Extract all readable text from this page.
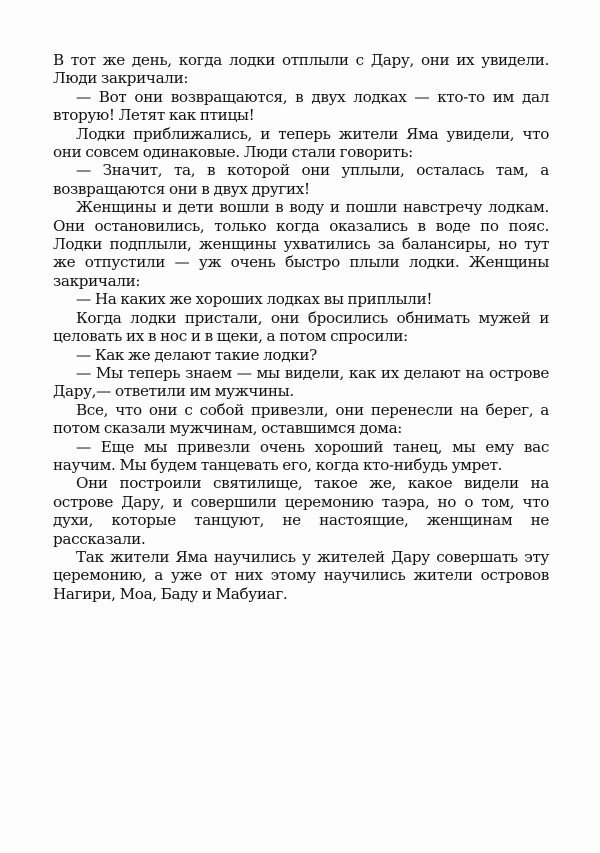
В тот же день, когда лодки отплыли с Дару, они их увидели. Люди закричали:

— Вот они возвращаются, в двух лодках — кто-то им дал вторую! Летят как птицы!

Лодки приближались, и теперь жители Яма увидели, что они совсем одинаковые. Люди стали говорить:

— Значит, та, в которой они уплыли, осталась там, а возвращаются они в двух других!

Женщины и дети вошли в воду и пошли навстречу лодкам. Они остановились, только когда оказались в воде по пояс. Лодки подплыли, женщины ухватились за балансиры, но тут же отпустили — уж очень быстро плыли лодки. Женщины закричали:

— На каких же хороших лодках вы приплыли!

Когда лодки пристали, они бросились обнимать мужей и целовать их в нос и в щеки, а потом спросили:

— Как же делают такие лодки?

— Мы теперь знаем — мы видели, как их делают на острове Дару,— ответили им мужчины.

Все, что они с собой привезли, они перенесли на берег, а потом сказали мужчинам, оставшимся дома:

— Еще мы привезли очень хороший танец, мы ему вас научим. Мы будем танцевать его, когда кто-нибудь умрет.

Они построили святилище, такое же, какое видели на острове Дару, и совершили церемонию таэра, но о том, что духи, которые танцуют, не настоящие, женщинам не рассказали.

Так жители Яма научились у жителей Дару совершать эту церемонию, а уже от них этому научились жители островов Нагири, Моа, Баду и Мабуиаг.
